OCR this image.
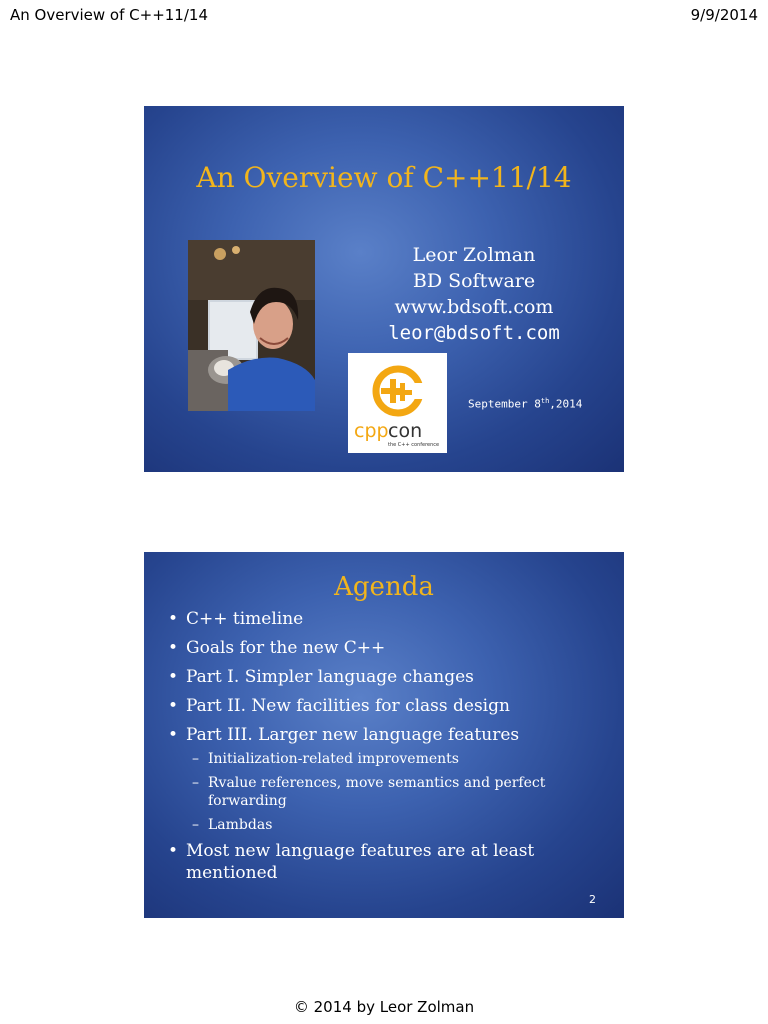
An Overview of C++11/14	9/9/2014
An Overview of C++11/14
Leor Zolman
BD Software
www.bdsoft.com
leor@bdsoft.com
cpp con
the C++ conference
September 8th,2014
Agenda
• C++ timeline
• Goals for the new C++
• Part I. Simpler language changes
• Part II. New facilities for class design
• Part III. Larger new language features
– Initialization-related improvements
– Rvalue references, move semantics and perfect forwarding
– Lambdas
• Most new language features are at least mentioned
2
© 2014 by Leor Zolman
